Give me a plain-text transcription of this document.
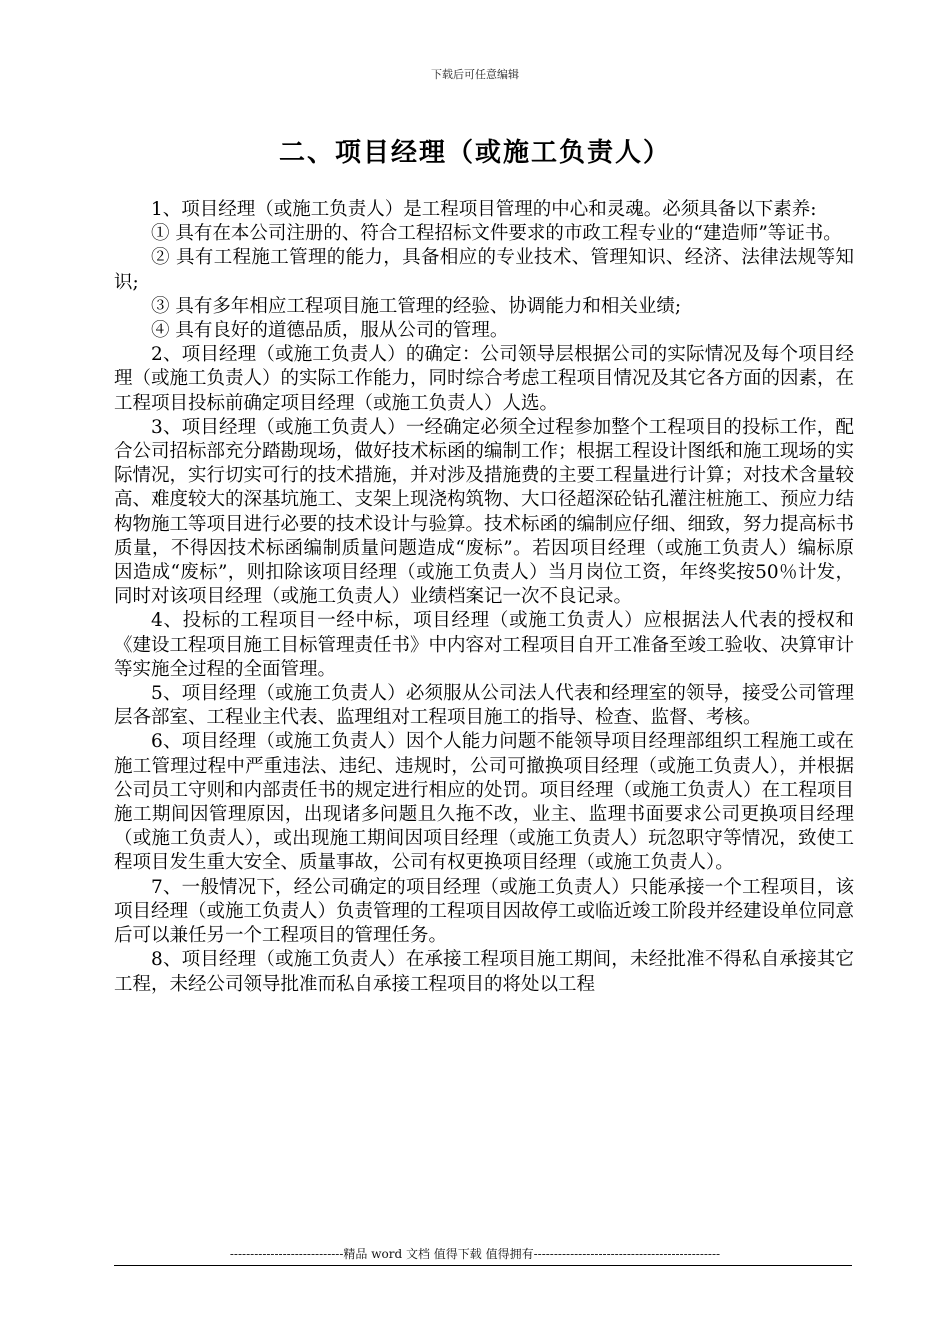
下载后可任意编辑
二、项目经理（或施工负责人）

1、项目经理（或施工负责人）是工程项目管理的中心和灵魂。必须具备以下素养:

① 具有在本公司注册的、符合工程招标文件要求的市政工程专业的“建造师”等证书。

② 具有工程施工管理的能力，具备相应的专业技术、管理知识、经济、法律法规等知识;

③ 具有多年相应工程项目施工管理的经验、协调能力和相关业绩;

④ 具有良好的道德品质，服从公司的管理。

2、项目经理（或施工负责人）的确定：公司领导层根据公司的实际情况及每个项目经理（或施工负责人）的实际工作能力，同时综合考虑工程项目情况及其它各方面的因素，在工程项目投标前确定项目经理（或施工负责人）人选。

3、项目经理（或施工负责人）一经确定必须全过程参加整个工程项目的投标工作，配合公司招标部充分踏勘现场，做好技术标函的编制工作；根据工程设计图纸和施工现场的实际情况，实行切实可行的技术措施，并对涉及措施费的主要工程量进行计算；对技术含量较高、难度较大的深基坑施工、支架上现浇构筑物、大口径超深砼钻孔灌注桩施工、预应力结构物施工等项目进行必要的技术设计与验算。技术标函的编制应仔细、细致，努力提高标书质量，不得因技术标函编制质量问题造成“废标”。若因项目经理（或施工负责人）编标原因造成“废标”，则扣除该项目经理（或施工负责人）当月岗位工资，年终奖按50％计发，同时对该项目经理（或施工负责人）业绩档案记一次不良记录。

4、投标的工程项目一经中标，项目经理（或施工负责人）应根据法人代表的授权和《建设工程项目施工目标管理责任书》中内容对工程项目自开工准备至竣工验收、决算审计等实施全过程的全面管理。

5、项目经理（或施工负责人）必须服从公司法人代表和经理室的领导，接受公司管理层各部室、工程业主代表、监理组对工程项目施工的指导、检查、监督、考核。

6、项目经理（或施工负责人）因个人能力问题不能领导项目经理部组织工程施工或在施工管理过程中严重违法、违纪、违规时，公司可撤换项目经理（或施工负责人），并根据公司员工守则和内部责任书的规定进行相应的处罚。项目经理（或施工负责人）在工程项目施工期间因管理原因，出现诸多问题且久拖不改，业主、监理书面要求公司更换项目经理（或施工负责人），或出现施工期间因项目经理（或施工负责人）玩忽职守等情况，致使工程项目发生重大安全、质量事故，公司有权更换项目经理（或施工负责人）。

7、一般情况下，经公司确定的项目经理（或施工负责人）只能承接一个工程项目，该项目经理（或施工负责人）负责管理的工程项目因故停工或临近竣工阶段并经建设单位同意后可以兼任另一个工程项目的管理任务。

8、项目经理（或施工负责人）在承接工程项目施工期间，未经批准不得私自承接其它工程，未经公司领导批准而私自承接工程项目的将处以工程

----------------------------精品 word 文档 值得下载 值得拥有----------------------------------------------
